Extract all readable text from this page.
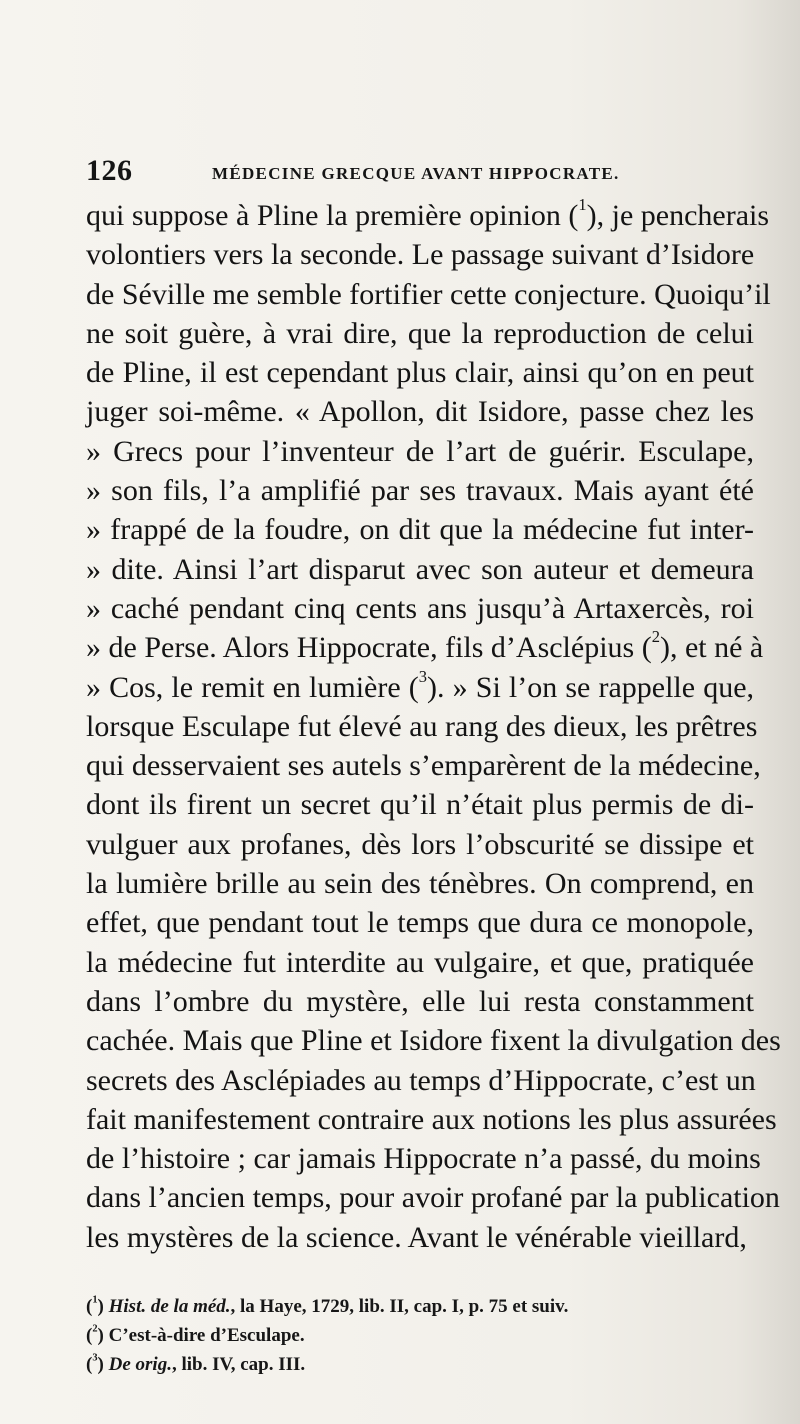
126	MÉDECINE GRECQUE AVANT HIPPOCRATE.
qui suppose à Pline la première opinion ($^1$), je pencherais
volontiers vers la seconde. Le passage suivant d’Isidore
de Séville me semble fortifier cette conjecture. Quoiqu’il
ne soit guère, à vrai dire, que la reproduction de celui
de Pline, il est cependant plus clair, ainsi qu’on en peut
juger soi-même. « Apollon, dit Isidore, passe chez les
» Grecs pour l’inventeur de l’art de guérir. Esculape,
» son fils, l’a amplifié par ses travaux. Mais ayant été
» frappé de la foudre, on dit que la médecine fut inter-
» dite. Ainsi l’art disparut avec son auteur et demeura
» caché pendant cinq cents ans jusqu’à Artaxercès, roi
» de Perse. Alors Hippocrate, fils d’Asclépius ($^2$), et né à
» Cos, le remit en lumière ($^3$). » Si l’on se rappelle que,
lorsque Esculape fut élevé au rang des dieux, les prêtres
qui desservaient ses autels s’emparèrent de la médecine,
dont ils firent un secret qu’il n’était plus permis de di-
vulguer aux profanes, dès lors l’obscurité se dissipe et
la lumière brille au sein des ténèbres. On comprend, en
effet, que pendant tout le temps que dura ce monopole,
la médecine fut interdite au vulgaire, et que, pratiquée
dans l’ombre du mystère, elle lui resta constamment
cachée. Mais que Pline et Isidore fixent la divulgation des
secrets des Asclépiades au temps d’Hippocrate, c’est un
fait manifestement contraire aux notions les plus assurées
de l’histoire ; car jamais Hippocrate n’a passé, du moins
dans l’ancien temps, pour avoir profané par la publication
les mystères de la science. Avant le vénérable vieillard,
($^1$) Hist. de la méd., la Haye, 1729, lib. II, cap. I, p. 75 et suiv.
($^2$) C’est-à-dire d’Esculape.
($^3$) De orig., lib. IV, cap. III.
